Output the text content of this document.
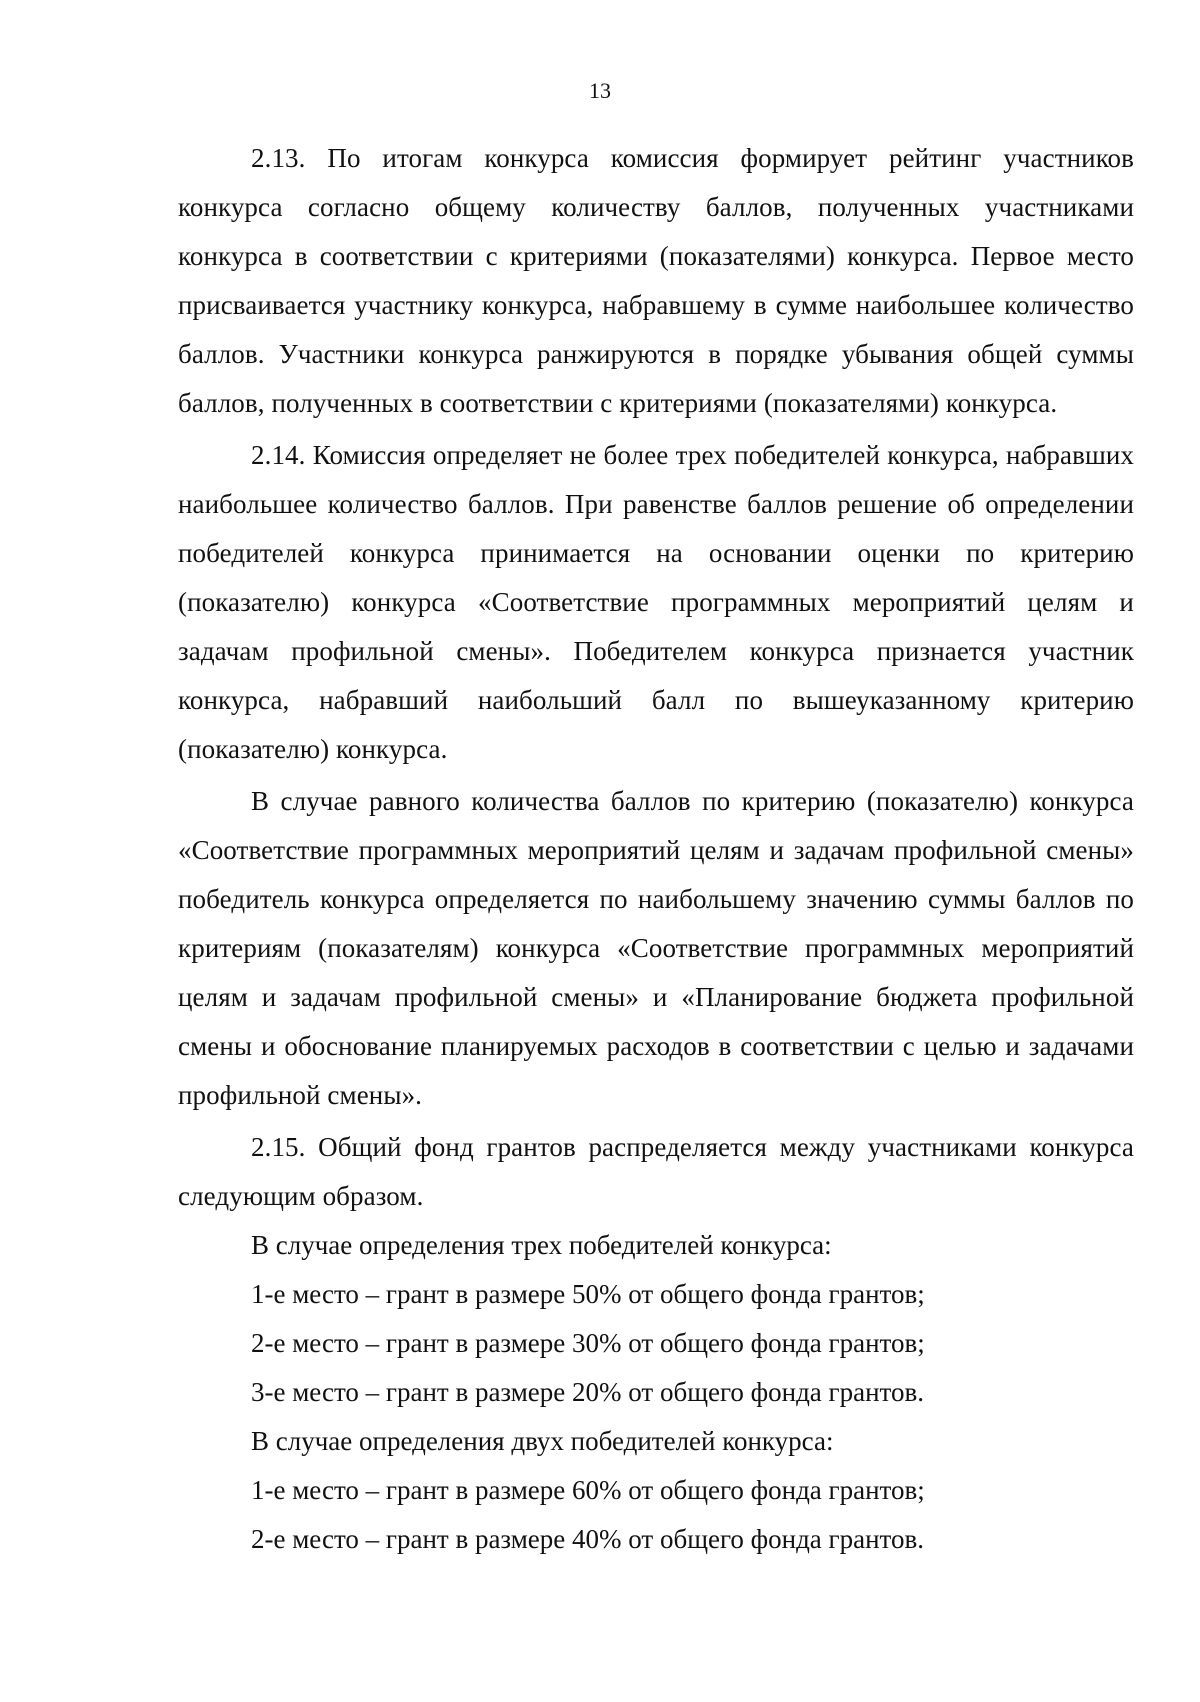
13

2.13. По итогам конкурса комиссия формирует рейтинг участников конкурса согласно общему количеству баллов, полученных участниками конкурса в соответствии с критериями (показателями) конкурса. Первое место присваивается участнику конкурса, набравшему в сумме наибольшее количество баллов. Участники конкурса ранжируются в порядке убывания общей суммы баллов, полученных в соответствии с критериями (показателями) конкурса.

2.14. Комиссия определяет не более трех победителей конкурса, набравших наибольшее количество баллов. При равенстве баллов решение об определении победителей конкурса принимается на основании оценки по критерию (показателю) конкурса «Соответствие программных мероприятий целям и задачам профильной смены». Победителем конкурса признается участник конкурса, набравший наибольший балл по вышеуказанному критерию (показателю) конкурса.

В случае равного количества баллов по критерию (показателю) конкурса «Соответствие программных мероприятий целям и задачам профильной смены» победитель конкурса определяется по наибольшему значению суммы баллов по критериям (показателям) конкурса «Соответствие программных мероприятий целям и задачам профильной смены» и «Планирование бюджета профильной смены и обоснование планируемых расходов в соответствии с целью и задачами профильной смены».

2.15. Общий фонд грантов распределяется между участниками конкурса следующим образом.

В случае определения трех победителей конкурса:

1-е место – грант в размере 50% от общего фонда грантов;

2-е место – грант в размере 30% от общего фонда грантов;

3-е место – грант в размере 20% от общего фонда грантов.

В случае определения двух победителей конкурса:

1-е место – грант в размере 60% от общего фонда грантов;

2-е место – грант в размере 40% от общего фонда грантов.
